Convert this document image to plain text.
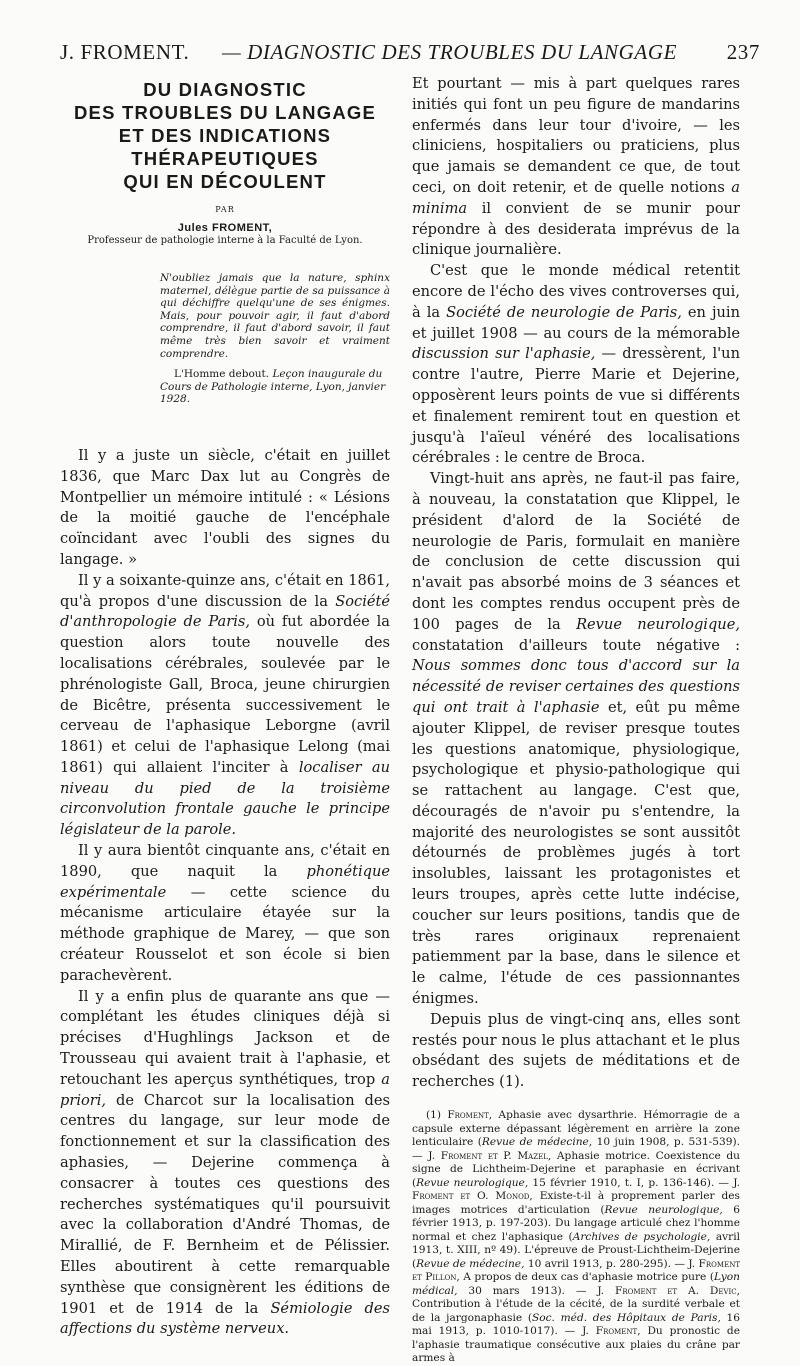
J. FROMENT. — DIAGNOSTIC DES TROUBLES DU LANGAGE 237
DU DIAGNOSTIC
DES TROUBLES DU LANGAGE
ET DES INDICATIONS
THÉRAPEUTIQUES
QUI EN DÉCOULENT
PAR
Jules FROMENT,
Professeur de pathologie interne à la Faculté de Lyon.
N'oubliez jamais que la nature, sphinx maternel, délègue partie de sa puissance à qui déchiffre quelqu'une de ses énigmes. Mais, pour pouvoir agir, il faut d'abord comprendre, il faut d'abord savoir, il faut même très bien savoir et vraiment comprendre.
L'Homme debout. Leçon inaugurale du Cours de Pathologie interne, Lyon, janvier 1928.

Il y a juste un siècle, c'était en juillet 1836, que Marc Dax lut au Congrès de Montpellier un mémoire intitulé : « Lésions de la moitié gauche de l'encéphale coïncidant avec l'oubli des signes du langage. »

Il y a soixante-quinze ans, c'était en 1861, qu'à propos d'une discussion de la Société d'anthropologie de Paris, où fut abordée la question alors toute nouvelle des localisations cérébrales, soulevée par le phrénologiste Gall, Broca, jeune chirurgien de Bicêtre, présenta successivement le cerveau de l'aphasique Leborgne (avril 1861) et celui de l'aphasique Lelong (mai 1861) qui allaient l'inciter à localiser au niveau du pied de la troisième circonvolution frontale gauche le principe législateur de la parole.

Il y aura bientôt cinquante ans, c'était en 1890, que naquit la phonétique expérimentale — cette science du mécanisme articulaire étayée sur la méthode graphique de Marey, — que son créateur Rousselot et son école si bien parachevèrent.

Il y a enfin plus de quarante ans que — complétant les études cliniques déjà si précises d'Hughlings Jackson et de Trousseau qui avaient trait à l'aphasie, et retouchant les aperçus synthétiques, trop a priori, de Charcot sur la localisation des centres du langage, sur leur mode de fonctionnement et sur la classification des aphasies, — Dejerine commença à consacrer à toutes ces questions des recherches systématiques qu'il poursuivit avec la collaboration d'André Thomas, de Mirallié, de F. Bernheim et de Pélissier. Elles aboutirent à cette remarquable synthèse que consignèrent les éditions de 1901 et de 1914 de la Sémiologie des affections du système nerveux.

Et pourtant — mis à part quelques rares initiés qui font un peu figure de mandarins enfermés dans leur tour d'ivoire, — les cliniciens, hospitaliers ou praticiens, plus que jamais se demandent ce que, de tout ceci, on doit retenir, et de quelle notions a minima il convient de se munir pour répondre à des desiderata imprévus de la clinique journalière.

C'est que le monde médical retentit encore de l'écho des vives controverses qui, à la Société de neurologie de Paris, en juin et juillet 1908 — au cours de la mémorable discussion sur l'aphasie, — dressèrent, l'un contre l'autre, Pierre Marie et Dejerine, opposèrent leurs points de vue si différents et finalement remirent tout en question et jusqu'à l'aïeul vénéré des localisations cérébrales : le centre de Broca.

Vingt-huit ans après, ne faut-il pas faire, à nouveau, la constatation que Klippel, le président d'alord de la Société de neurologie de Paris, formulait en manière de conclusion de cette discussion qui n'avait pas absorbé moins de 3 séances et dont les comptes rendus occupent près de 100 pages de la Revue neurologique, constatation d'ailleurs toute négative : Nous sommes donc tous d'accord sur la nécessité de reviser certaines des questions qui ont trait à l'aphasie et, eût pu même ajouter Klippel, de reviser presque toutes les questions anatomique, physiologique, psychologique et physio-pathologique qui se rattachent au langage. C'est que, découragés de n'avoir pu s'entendre, la majorité des neurologistes se sont aussitôt détournés de problèmes jugés à tort insolubles, laissant les protagonistes et leurs troupes, après cette lutte indécise, coucher sur leurs positions, tandis que de très rares originaux reprenaient patiemment par la base, dans le silence et le calme, l'étude de ces passionnantes énigmes.

Depuis plus de vingt-cinq ans, elles sont restés pour nous le plus attachant et le plus obsédant des sujets de méditations et de recherches (1).

(1) Froment, Aphasie avec dysarthrie. Hémorragie de a capsule externe dépassant légèrement en arrière la zone lenticulaire (Revue de médecine, 10 juin 1908, p. 531-539). — J. Froment et P. Mazel, Aphasie motrice. Coexistence du signe de Lichtheim-Dejerine et paraphasie en écrivant (Revue neurologique, 15 février 1910, t. I, p. 136-146). — J. Froment et O. Monod, Existe-t-il à proprement parler des images motrices d'articulation (Revue neurologique, 6 février 1913, p. 197-203). Du langage articulé chez l'homme normal et chez l'aphasique (Archives de psychologie, avril 1913, t. XIII, nº 49). L'épreuve de Proust-Lichtheim-Dejerine (Revue de médecine, 10 avril 1913, p. 280-295). — J. Froment et Pillon, A propos de deux cas d'aphasie motrice pure (Lyon médical, 30 mars 1913). — J. Froment et A. Devic, Contribution à l'étude de la cécité, de la surdité verbale et de la jargonaphasie (Soc. méd. des Hôpitaux de Paris, 16 mai 1913, p. 1010-1017). — J. Froment, Du pronostic de l'aphasie traumatique consécutive aux plaies du crâne par armes à
